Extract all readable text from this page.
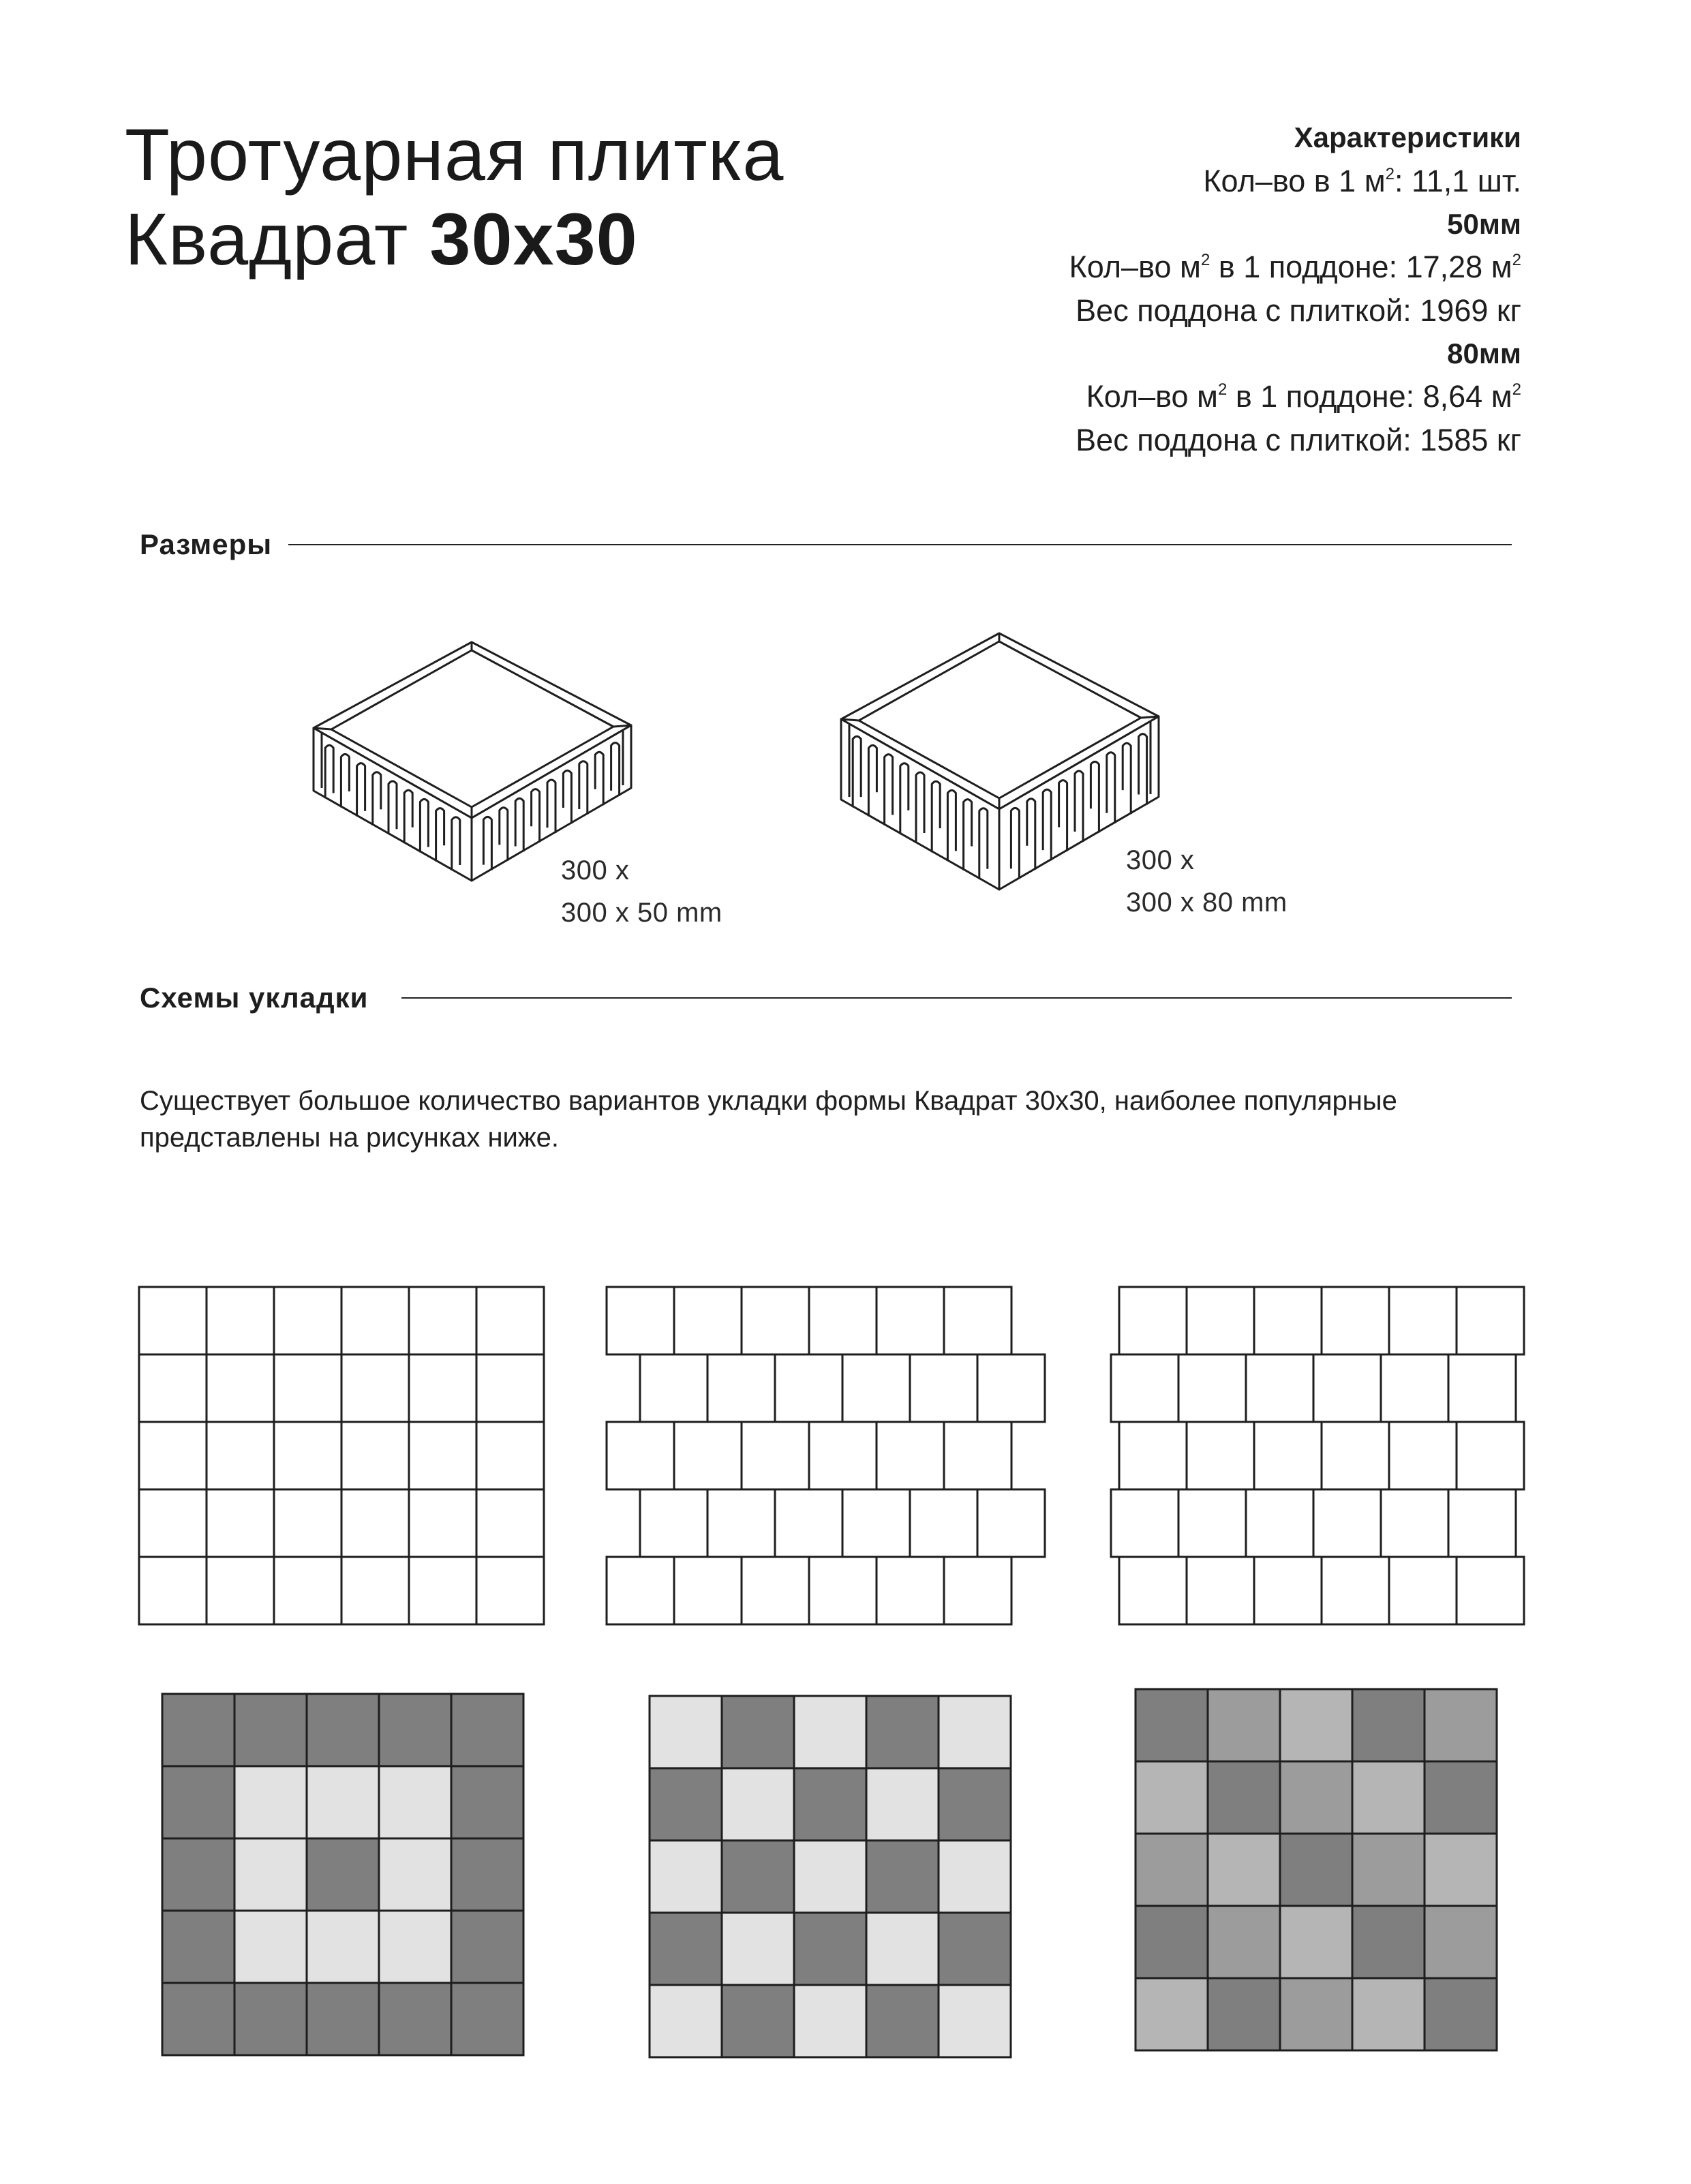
Тротуарная плитка
Квадрат 30x30
Характеристики
Кол–во в 1 $м^2$: 11,1 шт.
50мм
Кол–во $м^2$ в 1 поддоне: 17,28 $м^2$
Вес поддона с плиткой: 1969 кг
80мм
Кол–во $м^2$ в 1 поддоне: 8,64 $м^2$
Вес поддона с плиткой: 1585 кг
Размеры
300 x
300 x 50 mm
300 x
300 x 80 mm
Схемы укладки
Существует большое количество вариантов укладки формы Квадрат 30х30, наиболее популярные представлены на рисунках ниже.
